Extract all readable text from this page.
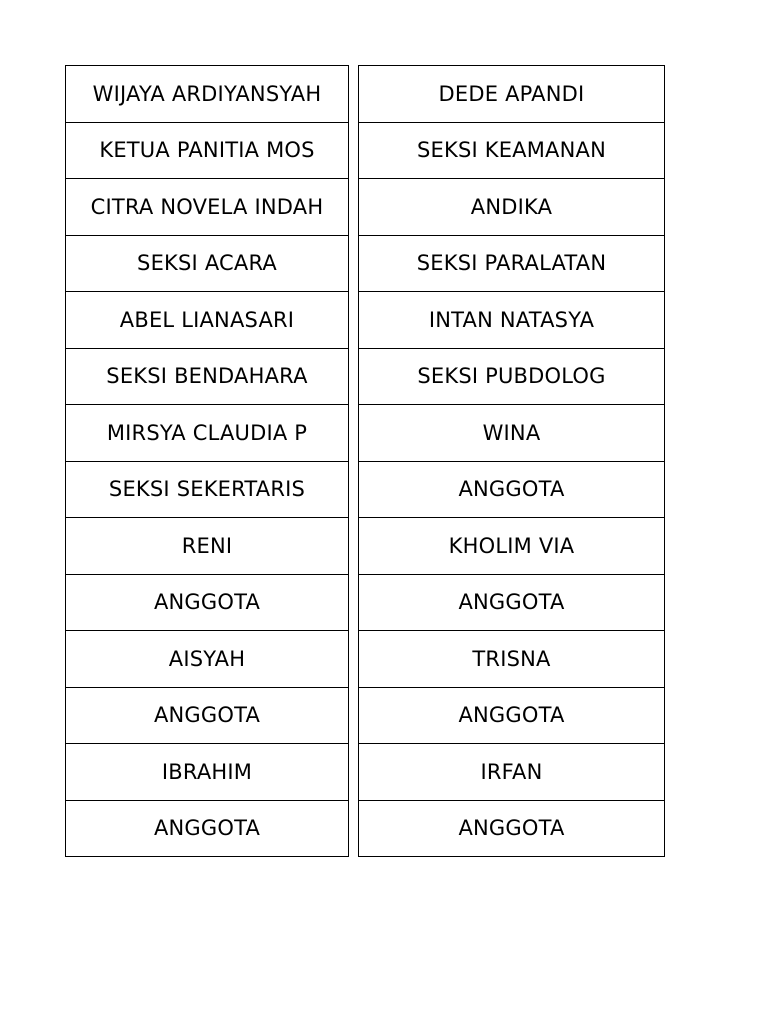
WIJAYA ARDIYANSYAH
KETUA PANITIA MOS
CITRA NOVELA INDAH
SEKSI ACARA
ABEL LIANASARI
SEKSI BENDAHARA
MIRSYA CLAUDIA P
SEKSI SEKERTARIS
RENI
ANGGOTA
AISYAH
ANGGOTA
IBRAHIM
ANGGOTA
DEDE APANDI
SEKSI KEAMANAN
ANDIKA
SEKSI PARALATAN
INTAN NATASYA
SEKSI PUBDOLOG
WINA
ANGGOTA
KHOLIM VIA
ANGGOTA
TRISNA
ANGGOTA
IRFAN
ANGGOTA
